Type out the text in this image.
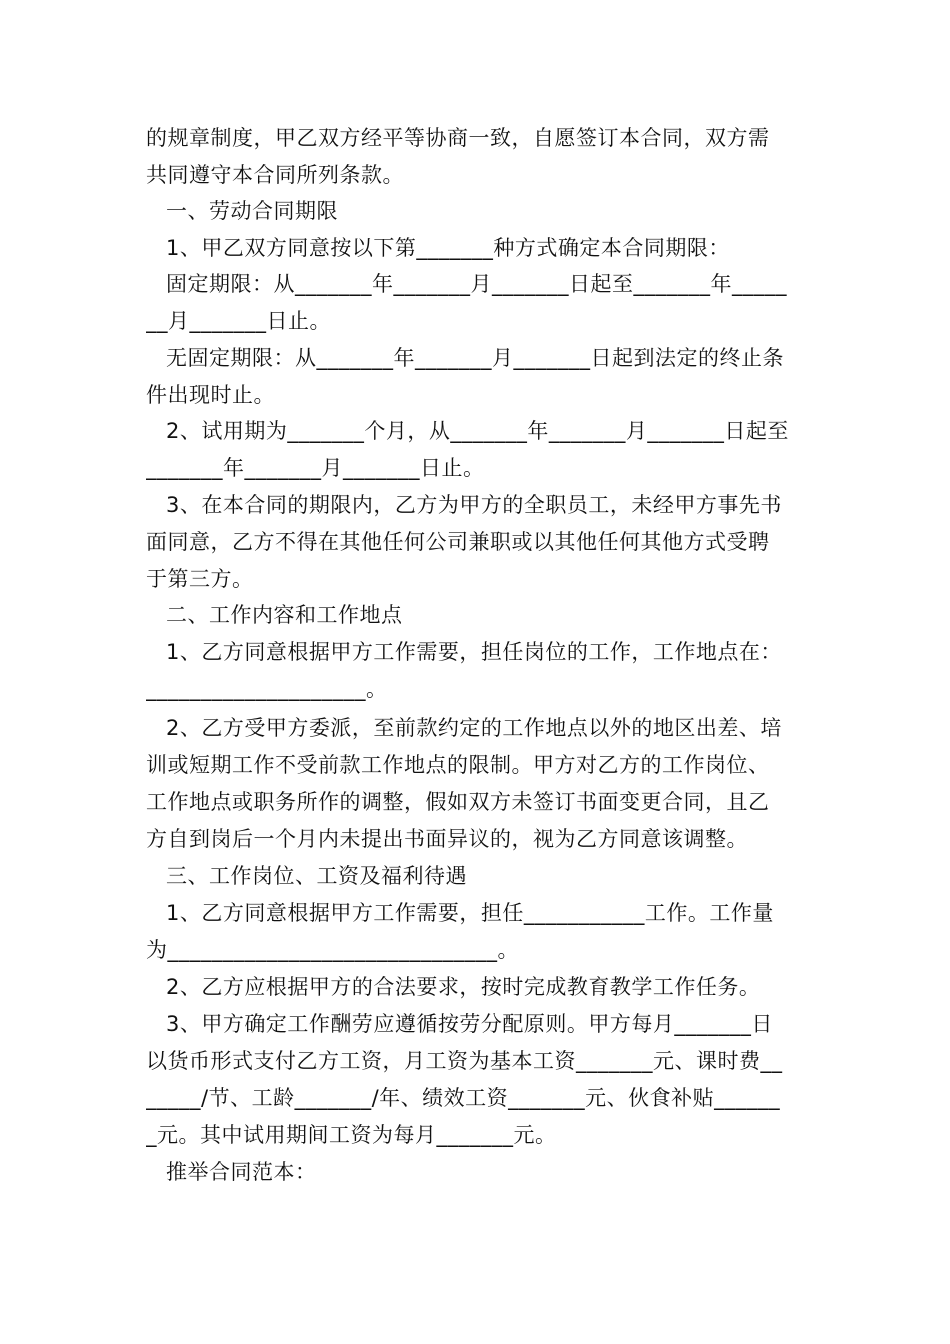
的规章制度，甲乙双方经平等协商一致，自愿签订本合同，双方需
共同遵守本合同所列条款。
一、劳动合同期限
1、甲乙双方同意按以下第_______种方式确定本合同期限：
固定期限：从_______年_______月_______日起至_______年_____
__月_______日止。
无固定期限：从_______年_______月_______日起到法定的终止条
件出现时止。
2、试用期为_______个月，从_______年_______月_______日起至
_______年_______月_______日止。
3、在本合同的期限内，乙方为甲方的全职员工，未经甲方事先书
面同意，乙方不得在其他任何公司兼职或以其他任何其他方式受聘
于第三方。
二、工作内容和工作地点
1、乙方同意根据甲方工作需要，担任岗位的工作，工作地点在：
____________________。
2、乙方受甲方委派，至前款约定的工作地点以外的地区出差、培
训或短期工作不受前款工作地点的限制。甲方对乙方的工作岗位、
工作地点或职务所作的调整，假如双方未签订书面变更合同，且乙
方自到岗后一个月内未提出书面异议的，视为乙方同意该调整。
三、工作岗位、工资及福利待遇
1、乙方同意根据甲方工作需要，担任___________工作。工作量
为______________________________。
2、乙方应根据甲方的合法要求，按时完成教育教学工作任务。
3、甲方确定工作酬劳应遵循按劳分配原则。甲方每月_______日
以货币形式支付乙方工资，月工资为基本工资_______元、课时费__
_____/节、工龄_______/年、绩效工资_______元、伙食补贴______
_元。其中试用期间工资为每月_______元。
推举合同范本：
